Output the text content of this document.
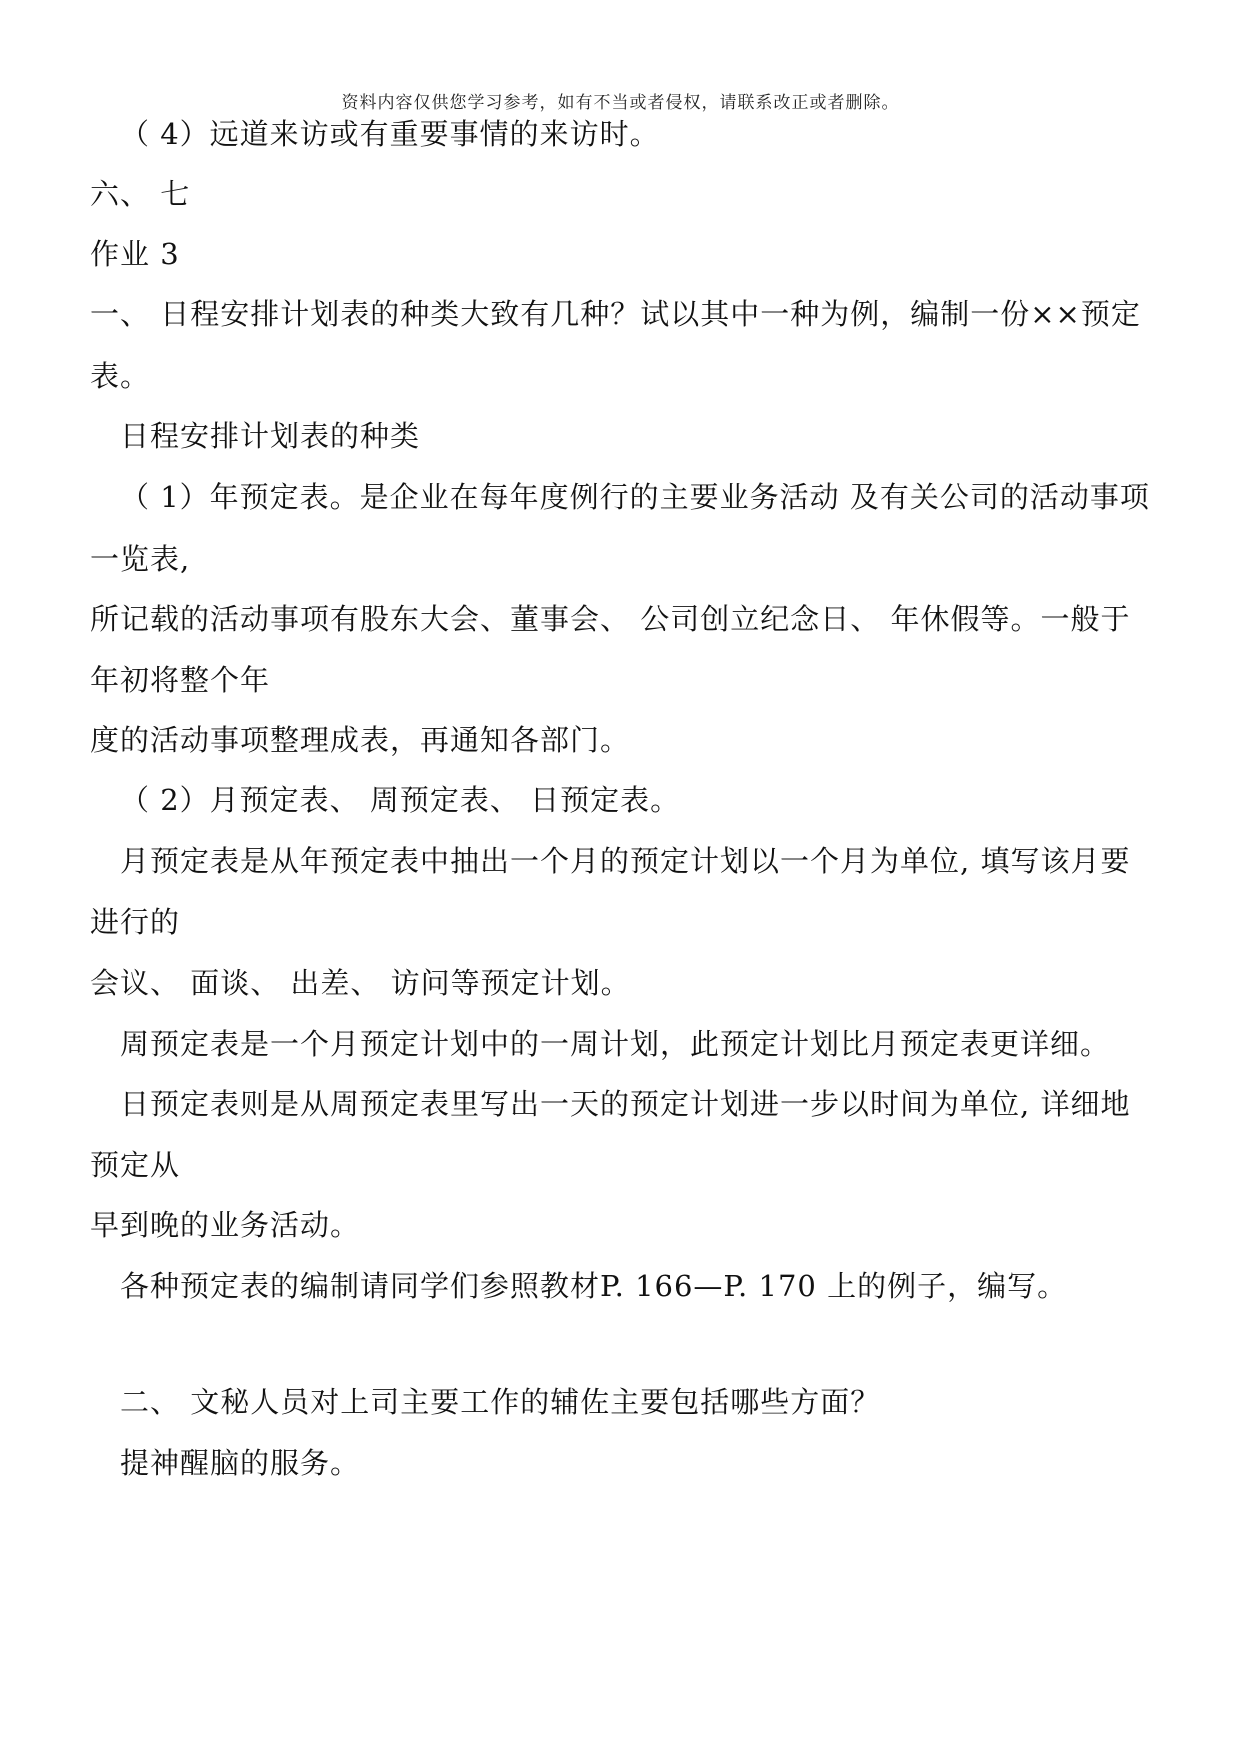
资料内容仅供您学习参考，如有不当或者侵权，请联系改正或者删除。
（ 4）远道来访或有重要事情的来访时。
六、 七
作业 3
一、 日程安排计划表的种类大致有几种？试以其中一种为例，编制一份××预定
表。
日程安排计划表的种类
（ 1）年预定表。是企业在每年度例行的主要业务活动 及有关公司的活动事项
一览表,
所记载的活动事项有股东大会、董事会、 公司创立纪念日、 年休假等。一般于
年初将整个年
度的活动事项整理成表，再通知各部门。
（ 2）月预定表、 周预定表、 日预定表。
月预定表是从年预定表中抽出一个月的预定计划以一个月为单位, 填写该月要
进行的
会议、 面谈、 出差、 访问等预定计划。
周预定表是一个月预定计划中的一周计划，此预定计划比月预定表更详细。
日预定表则是从周预定表里写出一天的预定计划进一步以时间为单位, 详细地
预定从
早到晚的业务活动。
各种预定表的编制请同学们参照教材P. 166—P. 170 上的例子，编写。
二、 文秘人员对上司主要工作的辅佐主要包括哪些方面？
提神醒脑的服务。
